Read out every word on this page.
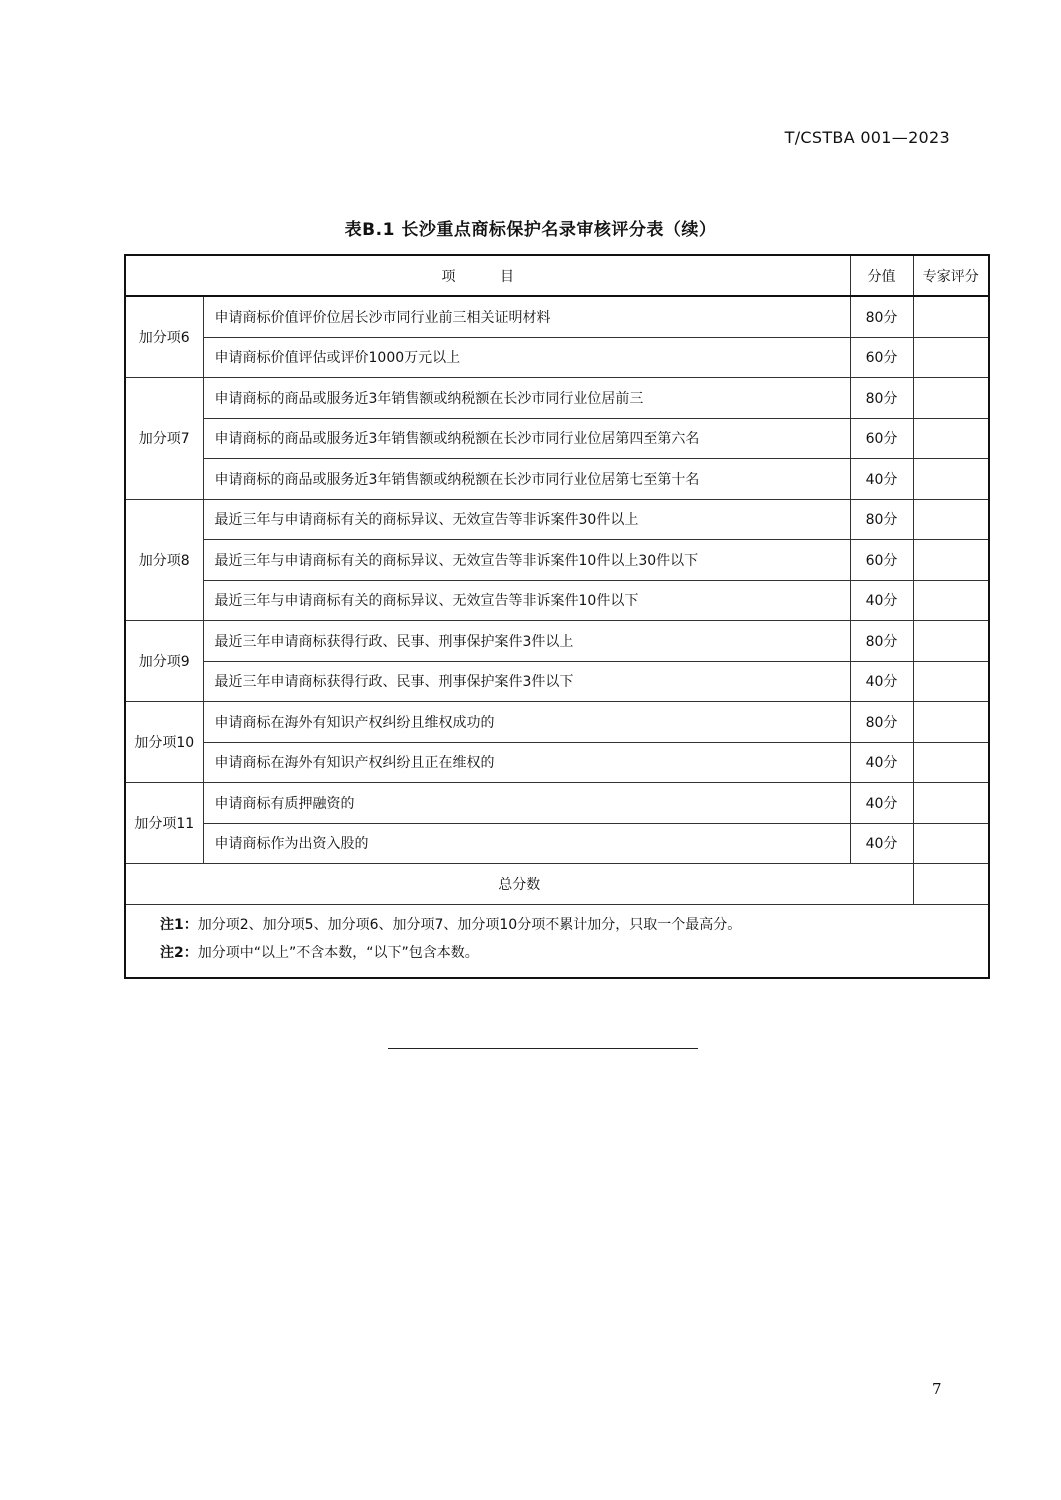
T/CSTBA 001—2023
表B.1 长沙重点商标保护名录审核评分表（续）
项 目		分值	专家评分
加分项6	申请商标价值评价位居长沙市同行业前三相关证明材料	80分	
	申请商标价值评估或评价1000万元以上	60分	
加分项7	申请商标的商品或服务近3年销售额或纳税额在长沙市同行业位居前三	80分	
	申请商标的商品或服务近3年销售额或纳税额在长沙市同行业位居第四至第六名	60分	
	申请商标的商品或服务近3年销售额或纳税额在长沙市同行业位居第七至第十名	40分	
加分项8	最近三年与申请商标有关的商标异议、无效宣告等非诉案件30件以上	80分	
	最近三年与申请商标有关的商标异议、无效宣告等非诉案件10件以上30件以下	60分	
	最近三年与申请商标有关的商标异议、无效宣告等非诉案件10件以下	40分	
加分项9	最近三年申请商标获得行政、民事、刑事保护案件3件以上	80分	
	最近三年申请商标获得行政、民事、刑事保护案件3件以下	40分	
加分项10	申请商标在海外有知识产权纠纷且维权成功的	80分	
	申请商标在海外有知识产权纠纷且正在维权的	40分	
加分项11	申请商标有质押融资的	40分	
	申请商标作为出资入股的	40分	
总分数			

注1：加分项2、加分项5、加分项6、加分项7、加分项10分项不累计加分，只取一个最高分。
注2：加分项中“以上”不含本数，“以下”包含本数。			
7
